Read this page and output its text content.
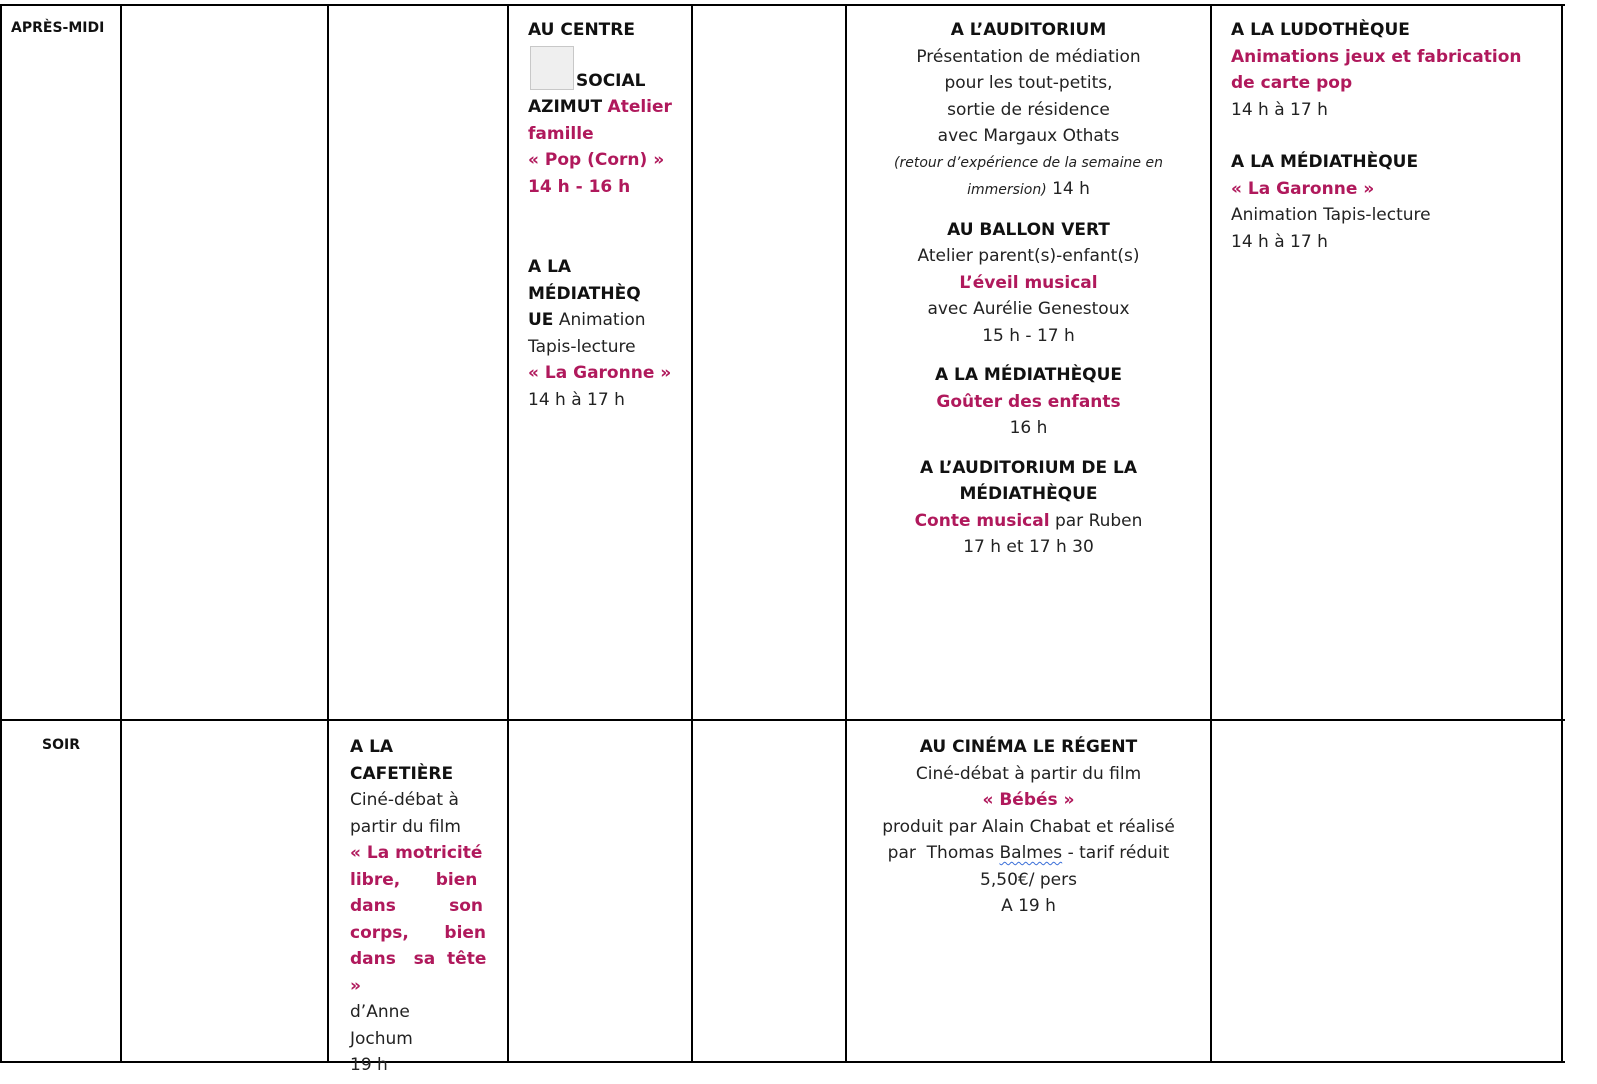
APRÈS-MIDI
SOIR
AU CENTRE
SOCIAL
AZIMUT Atelier
famille
« Pop (Corn) »
14 h - 16 h
A LA
MÉDIATHÈQ
UE Animation
Tapis-lecture
« La Garonne »
14 h à 17 h
A L’AUDITORIUM
Présentation de médiation
pour les tout-petits,
sortie de résidence
avec Margaux Othats
(retour d’expérience de la semaine en
immersion) 14 h
AU BALLON VERT
Atelier parent(s)-enfant(s)
L’éveil musical
avec Aurélie Genestoux
15 h - 17 h
A LA MÉDIATHÈQUE
Goûter des enfants
16 h
A L’AUDITORIUM DE LA
MÉDIATHÈQUE
Conte musical par Ruben
17 h et 17 h 30
A LA LUDOTHÈQUE
Animations jeux et fabrication
de carte pop
14 h à 17 h
A LA MÉDIATHÈQUE
« La Garonne »
Animation Tapis-lecture
14 h à 17 h
A LA
CAFETIÈRE
Ciné-débat à
partir du film
« La motricité
libre,      bien
dans         son
corps,      bien
dans   sa  tête
»
d’Anne Jochum
19 h
AU CINÉMA LE RÉGENT
Ciné-débat à partir du film
« Bébés »
produit par Alain Chabat et réalisé
par  Thomas Balmes - tarif réduit
5,50€/ pers
A 19 h
